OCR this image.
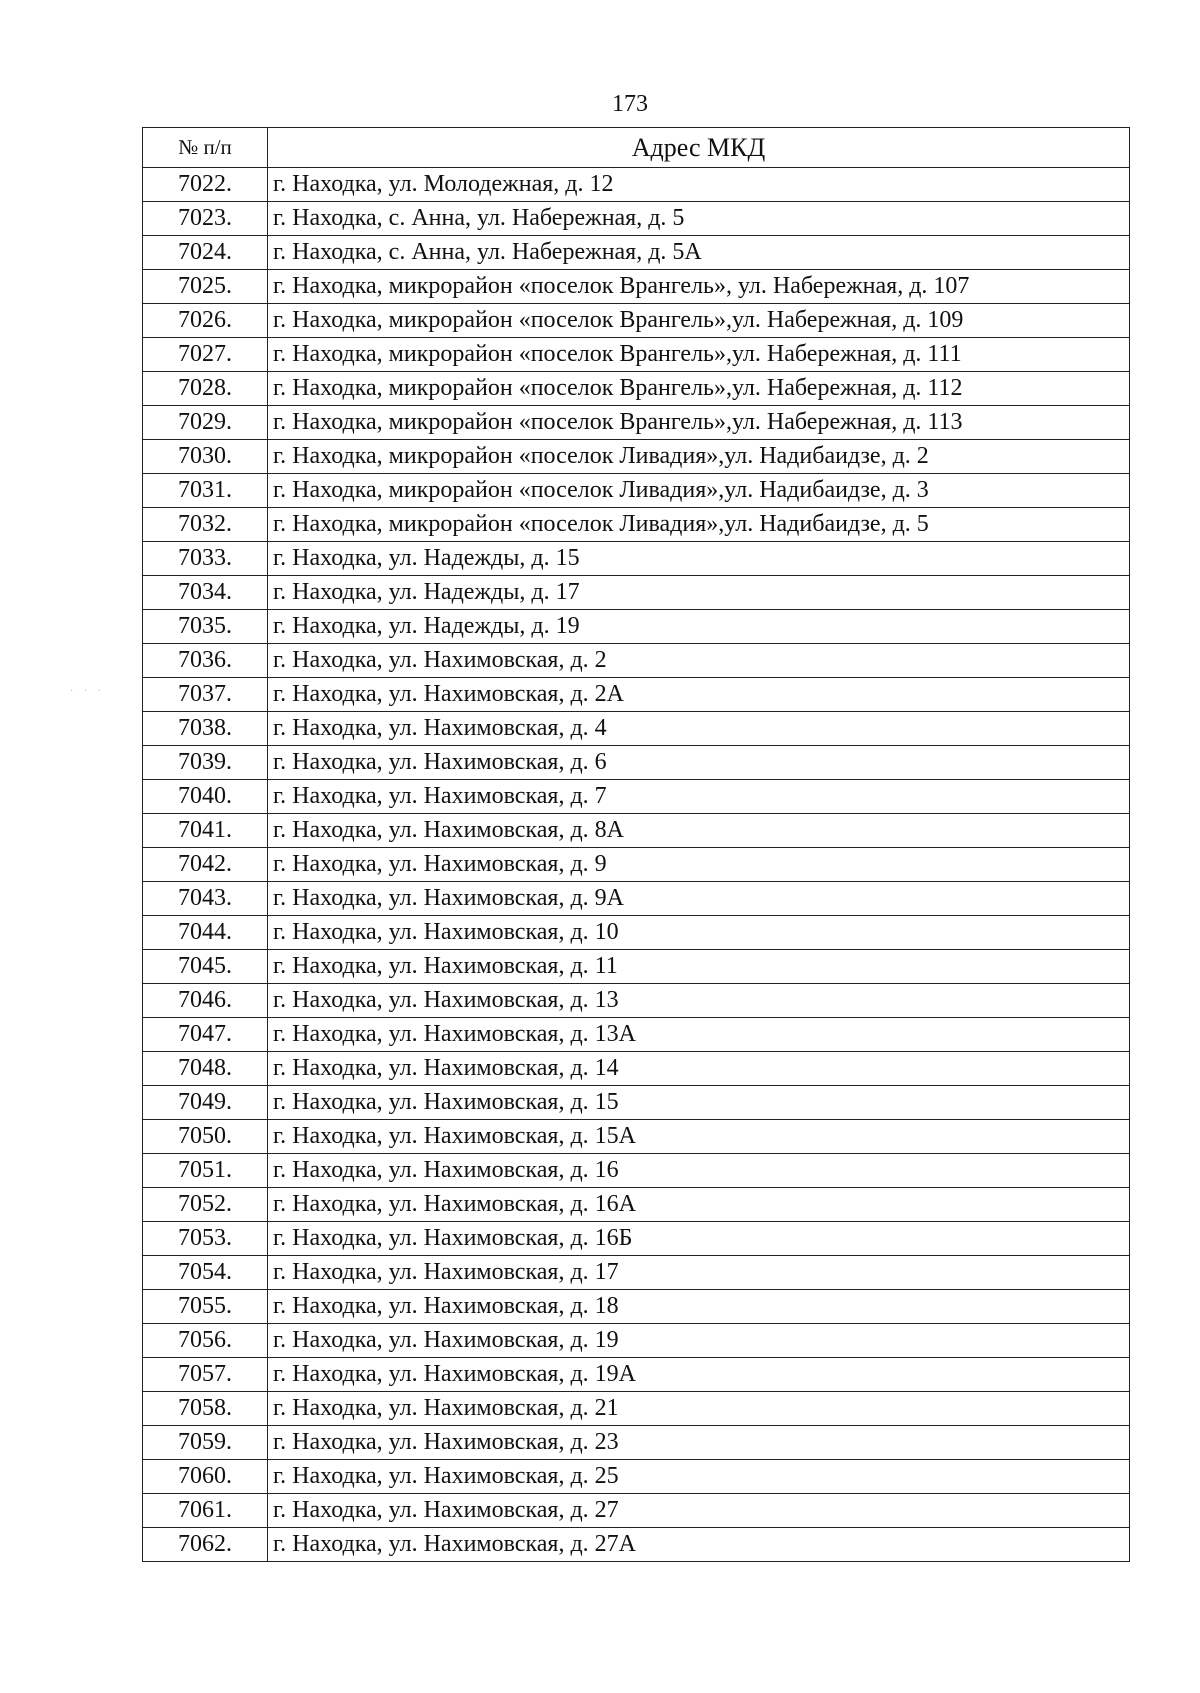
173
· · ·
№ п/п	Адрес МКД
7022.	г. Находка, ул. Молодежная, д. 12
7023.	г. Находка, с. Анна, ул. Набережная, д. 5
7024.	г. Находка, с. Анна, ул. Набережная, д. 5А
7025.	г. Находка, микрорайон «поселок Врангель», ул. Набережная, д. 107
7026.	г. Находка, микрорайон «поселок Врангель»,ул. Набережная, д. 109
7027.	г. Находка, микрорайон «поселок Врангель»,ул. Набережная, д. 111
7028.	г. Находка, микрорайон «поселок Врангель»,ул. Набережная, д. 112
7029.	г. Находка, микрорайон «поселок Врангель»,ул. Набережная, д. 113
7030.	г. Находка, микрорайон «поселок Ливадия»,ул. Надибаидзе, д. 2
7031.	г. Находка, микрорайон «поселок Ливадия»,ул. Надибаидзе, д. 3
7032.	г. Находка, микрорайон «поселок Ливадия»,ул. Надибаидзе, д. 5
7033.	г. Находка, ул. Надежды, д. 15
7034.	г. Находка, ул. Надежды, д. 17
7035.	г. Находка, ул. Надежды, д. 19
7036.	г. Находка, ул. Нахимовская, д. 2
7037.	г. Находка, ул. Нахимовская, д. 2А
7038.	г. Находка, ул. Нахимовская, д. 4
7039.	г. Находка, ул. Нахимовская, д. 6
7040.	г. Находка, ул. Нахимовская, д. 7
7041.	г. Находка, ул. Нахимовская, д. 8А
7042.	г. Находка, ул. Нахимовская, д. 9
7043.	г. Находка, ул. Нахимовская, д. 9А
7044.	г. Находка, ул. Нахимовская, д. 10
7045.	г. Находка, ул. Нахимовская, д. 11
7046.	г. Находка, ул. Нахимовская, д. 13
7047.	г. Находка, ул. Нахимовская, д. 13А
7048.	г. Находка, ул. Нахимовская, д. 14
7049.	г. Находка, ул. Нахимовская, д. 15
7050.	г. Находка, ул. Нахимовская, д. 15А
7051.	г. Находка, ул. Нахимовская, д. 16
7052.	г. Находка, ул. Нахимовская, д. 16А
7053.	г. Находка, ул. Нахимовская, д. 16Б
7054.	г. Находка, ул. Нахимовская, д. 17
7055.	г. Находка, ул. Нахимовская, д. 18
7056.	г. Находка, ул. Нахимовская, д. 19
7057.	г. Находка, ул. Нахимовская, д. 19А
7058.	г. Находка, ул. Нахимовская, д. 21
7059.	г. Находка, ул. Нахимовская, д. 23
7060.	г. Находка, ул. Нахимовская, д. 25
7061.	г. Находка, ул. Нахимовская, д. 27
7062.	г. Находка, ул. Нахимовская, д. 27А
